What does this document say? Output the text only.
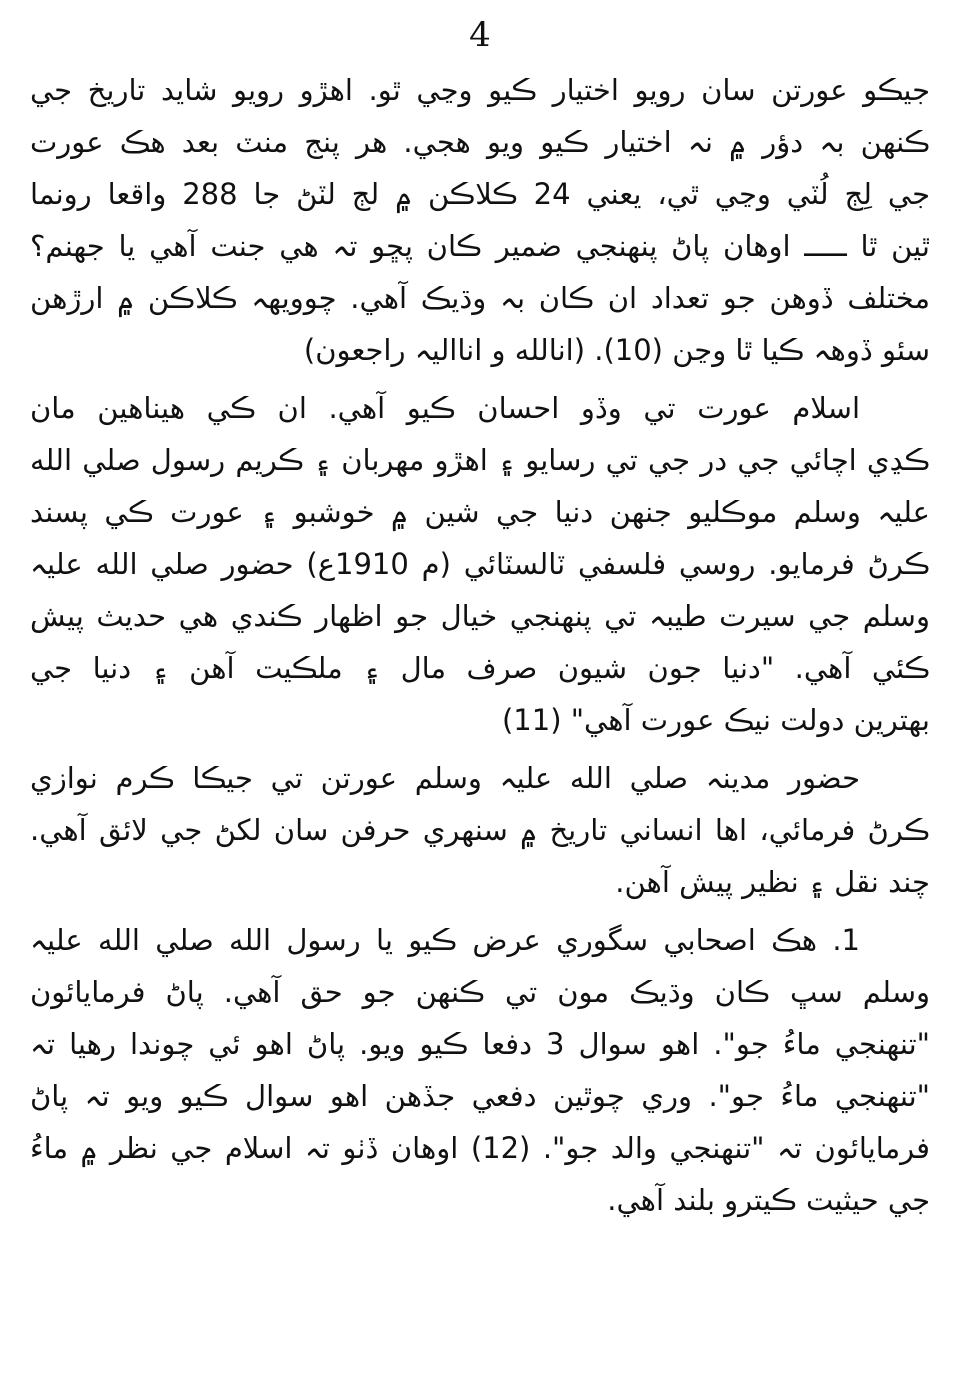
4
جيڪو عورتن سان رويو اختيار ڪيو وڃي ٿو. اهڙو رويو شايد تاريخ جي
ڪنهن بہ دؤر ۾ نہ اختيار ڪيو ويو هجي. هر پنج منٽ بعد هڪ عورت
جي لِڄ لُٽي وڃي ٿي، يعني 24 ڪلاڪن ۾ لڄ لٽڻ جا 288 واقعا رونما
ٿين ٿا ـــــ اوهان پاڻ پنهنجي ضمير ڪان پڇو تہ هي جنت آهي يا جهنم؟
مختلف ڏوهن جو تعداد ان ڪان بہ وڌيڪ آهي. چوويهہ ڪلاڪن ۾ ارڙهن
سئو ڏوهہ ڪيا ٿا وڃن (10). (انالله و انااليہ راجعون)
اسلام عورت تي وڏو احسان ڪيو آهي. ان ڪي هيناهين مان
ڪڍي اچائي جي در جي تي رسايو ۽ اهڙو مهربان ۽ ڪريم رسول صلي الله
عليہ وسلم موڪليو جنهن دنيا جي شين ۾ خوشبو ۽ عورت ڪي پسند
ڪرڻ فرمايو. روسي فلسفي ٽالسٽائي (م 1910ع) حضور صلي الله عليہ
وسلم جي سيرت طيبہ تي پنهنجي خيال جو اظهار ڪندي هي حديث پيش
ڪئي آهي. "دنيا جون شيون صرف مال ۽ ملڪيت آهن ۽ دنيا جي
بهترين دولت نيڪ عورت آهي" (11)
حضور مدينہ صلي الله عليہ وسلم عورتن تي جيڪا ڪرم نوازي
ڪرڻ فرمائي، اها انساني تاريخ ۾ سنهري حرفن سان لکڻ جي لائق آهي.
چند نقل ۽ نظير پيش آهن.
1. هڪ اصحابي سگوري عرض ڪيو يا رسول الله صلي الله عليہ
وسلم سڀ ڪان وڌيڪ مون تي ڪنهن جو حق آهي. پاڻ فرمايائون
"تنهنجي ماءُ جو". اهو سوال 3 دفعا ڪيو ويو. پاڻ اهو ئي چوندا رهيا تہ
"تنهنجي ماءُ جو". وري چوٿين دفعي جڏهن اهو سوال ڪيو ويو تہ پاڻ
فرمايائون تہ "تنهنجي والد جو". (12) اوهان ڏٺو تہ اسلام جي نظر ۾ ماءُ
جي حيثيت ڪيترو بلند آهي.
